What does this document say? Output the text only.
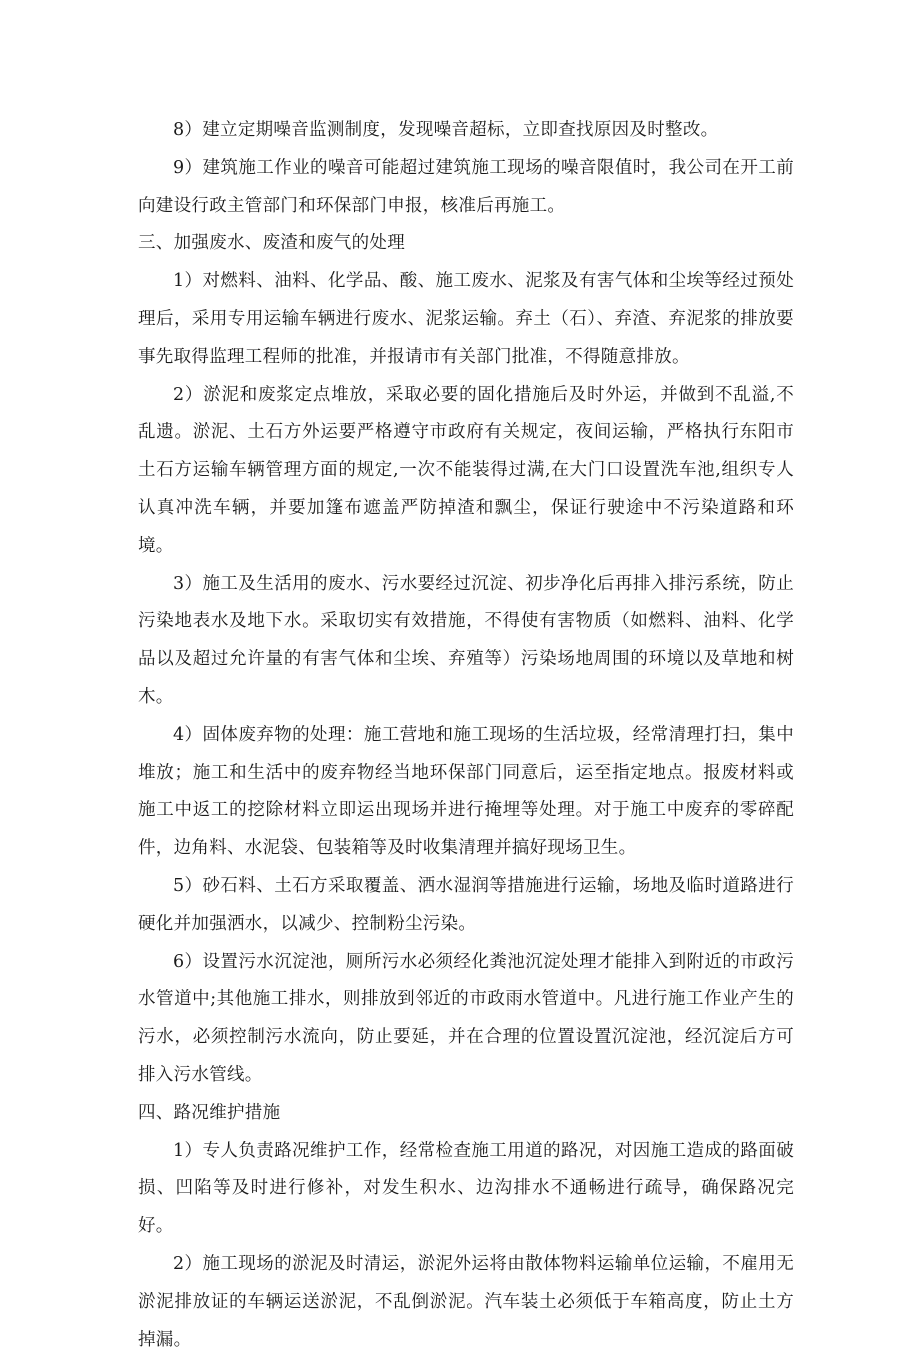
8）建立定期噪音监测制度，发现噪音超标，立即查找原因及时整改。

9）建筑施工作业的噪音可能超过建筑施工现场的噪音限值时，我公司在开工前向建设行政主管部门和环保部门申报，核准后再施工。

三、加强废水、废渣和废气的处理

1）对燃料、油料、化学品、酸、施工废水、泥浆及有害气体和尘埃等经过预处理后，采用专用运输车辆进行废水、泥浆运输。弃土（石）、弃渣、弃泥浆的排放要事先取得监理工程师的批准，并报请市有关部门批准，不得随意排放。

2）淤泥和废浆定点堆放，采取必要的固化措施后及时外运，并做到不乱溢,不乱遗。淤泥、土石方外运要严格遵守市政府有关规定，夜间运输，严格执行东阳市土石方运输车辆管理方面的规定,一次不能装得过满,在大门口设置洗车池,组织专人认真冲洗车辆，并要加篷布遮盖严防掉渣和飘尘，保证行驶途中不污染道路和环境。

3）施工及生活用的废水、污水要经过沉淀、初步净化后再排入排污系统，防止污染地表水及地下水。采取切实有效措施，不得使有害物质（如燃料、油料、化学品以及超过允许量的有害气体和尘埃、弃殖等）污染场地周围的环境以及草地和树木。

4）固体废弃物的处理：施工营地和施工现场的生活垃圾，经常清理打扫，集中堆放；施工和生活中的废弃物经当地环保部门同意后，运至指定地点。报废材料或施工中返工的挖除材料立即运出现场并进行掩埋等处理。对于施工中废弃的零碎配件，边角料、水泥袋、包装箱等及时收集清理并搞好现场卫生。

5）砂石料、土石方采取覆盖、洒水湿润等措施进行运输，场地及临时道路进行硬化并加强洒水，以减少、控制粉尘污染。

6）设置污水沉淀池，厕所污水必须经化粪池沉淀处理才能排入到附近的市政污水管道中;其他施工排水，则排放到邻近的市政雨水管道中。凡进行施工作业产生的污水，必须控制污水流向，防止要延，并在合理的位置设置沉淀池，经沉淀后方可排入污水管线。

四、路况维护措施

1）专人负责路况维护工作，经常检查施工用道的路况，对因施工造成的路面破损、凹陷等及时进行修补，对发生积水、边沟排水不通畅进行疏导，确保路况完好。

2）施工现场的淤泥及时清运，淤泥外运将由散体物料运输单位运输，不雇用无淤泥排放证的车辆运送淤泥，不乱倒淤泥。汽车装土必须低于车箱高度，防止土方掉漏。
